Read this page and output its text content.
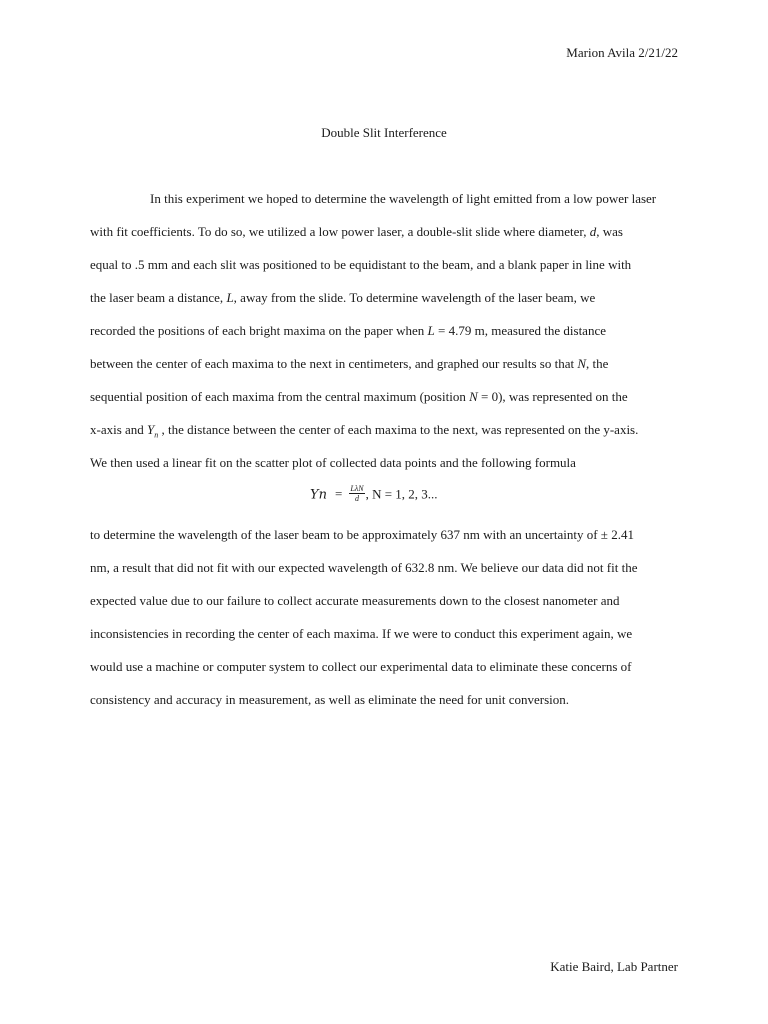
Marion Avila 2/21/22
Double Slit Interference
In this experiment we hoped to determine the wavelength of light emitted from a low power laser
with fit coefficients. To do so, we utilized a low power laser, a double-slit slide where diameter, d, was
equal to .5 mm and each slit was positioned to be equidistant to the beam, and a blank paper in line with
the laser beam a distance, L, away from the slide. To determine wavelength of the laser beam, we
recorded the positions of each bright maxima on the paper when L = 4.79 m, measured the distance
between the center of each maxima to the next in centimeters, and graphed our results so that N, the
sequential position of each maxima from the central maximum (position N = 0), was represented on the
x-axis and $Y_n$ , the distance between the center of each maxima to the next, was represented on the y-axis.
We then used a linear fit on the scatter plot of collected data points and the following formula
$Yn = \frac{\text{LλN}}{d}$ , N = 1, 2, 3...
to determine the wavelength of the laser beam to be approximately 637 nm with an uncertainty of ± 2.41
nm, a result that did not fit with our expected wavelength of 632.8 nm. We believe our data did not fit the
expected value due to our failure to collect accurate measurements down to the closest nanometer and
inconsistencies in recording the center of each maxima. If we were to conduct this experiment again, we
would use a machine or computer system to collect our experimental data to eliminate these concerns of
consistency and accuracy in measurement, as well as eliminate the need for unit conversion.
Katie Baird, Lab Partner
